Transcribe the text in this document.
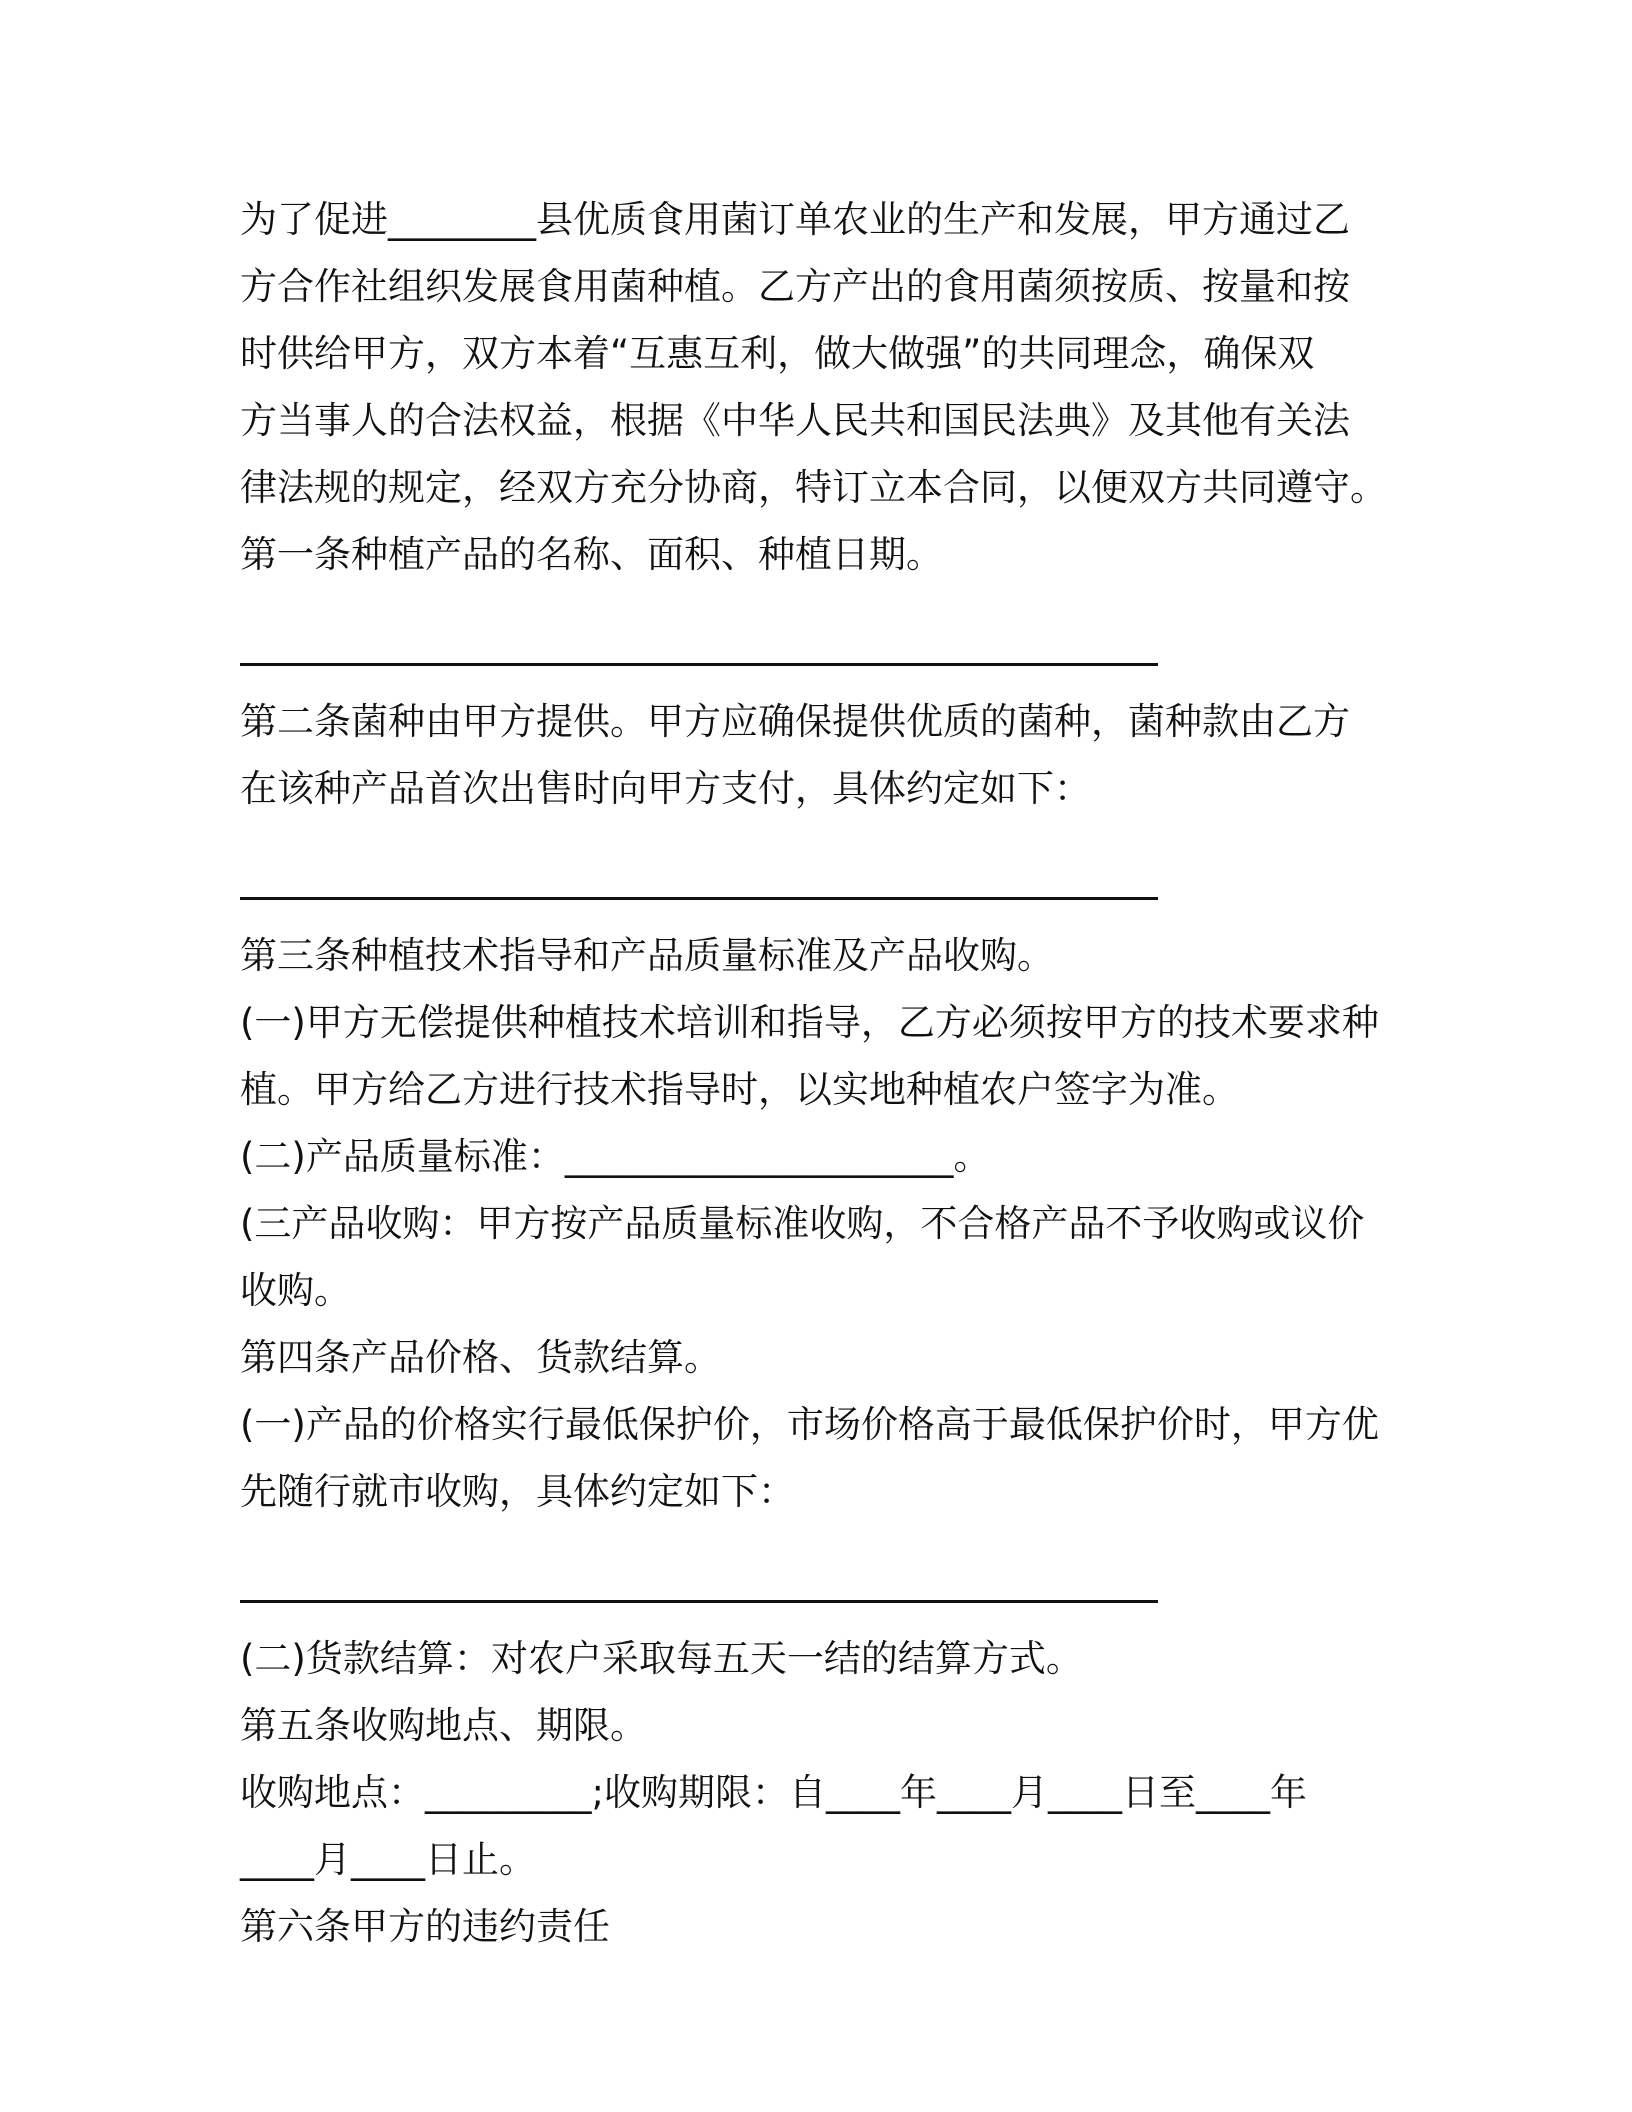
为了促进________县优质食用菌订单农业的生产和发展，甲方通过乙
方合作社组织发展食用菌种植。乙方产出的食用菌须按质、按量和按
时供给甲方，双方本着“互惠互利，做大做强”的共同理念，确保双
方当事人的合法权益，根据《中华人民共和国民法典》及其他有关法
律法规的规定，经双方充分协商，特订立本合同，以便双方共同遵守。
第一条种植产品的名称、面积、种植日期。
第二条菌种由甲方提供。甲方应确保提供优质的菌种，菌种款由乙方
在该种产品首次出售时向甲方支付，具体约定如下：
第三条种植技术指导和产品质量标准及产品收购。
(一)甲方无偿提供种植技术培训和指导，乙方必须按甲方的技术要求种
植。甲方给乙方进行技术指导时，以实地种植农户签字为准。
(二)产品质量标准：_____________________。
(三产品收购：甲方按产品质量标准收购，不合格产品不予收购或议价
收购。
第四条产品价格、货款结算。
(一)产品的价格实行最低保护价，市场价格高于最低保护价时，甲方优
先随行就市收购，具体约定如下：
(二)货款结算：对农户采取每五天一结的结算方式。
第五条收购地点、期限。
收购地点：_________;收购期限：自____年____月____日至____年
____月____日止。
第六条甲方的违约责任
